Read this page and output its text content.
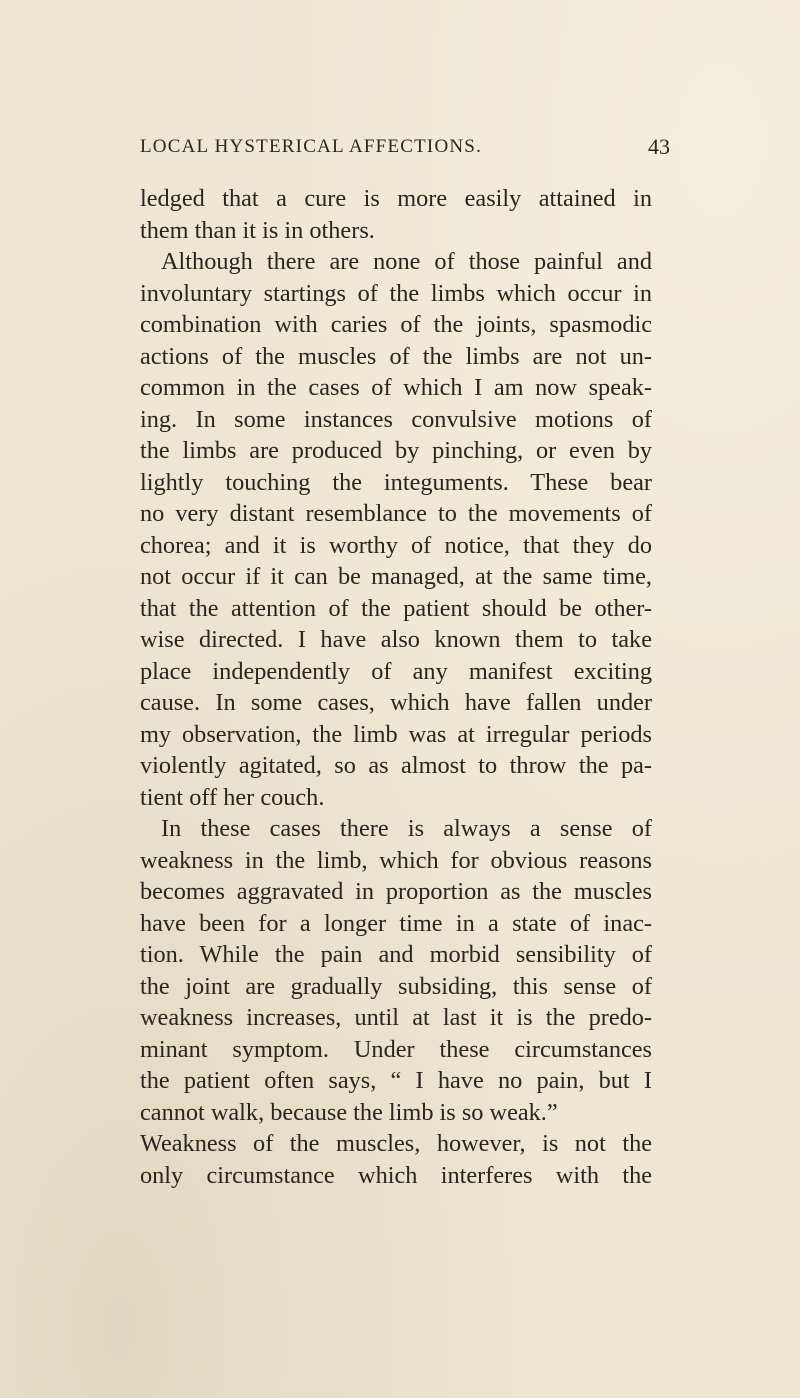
LOCAL HYSTERICAL AFFECTIONS.	43
ledged that a cure is more easily attained in
them than it is in others.
Although there are none of those painful and
involuntary startings of the limbs which occur in
combination with caries of the joints, spasmodic
actions of the muscles of the limbs are not un-
common in the cases of which I am now speak-
ing. In some instances convulsive motions of
the limbs are produced by pinching, or even by
lightly touching the integuments. These bear
no very distant resemblance to the movements of
chorea; and it is worthy of notice, that they do
not occur if it can be managed, at the same time,
that the attention of the patient should be other-
wise directed. I have also known them to take
place independently of any manifest exciting
cause. In some cases, which have fallen under
my observation, the limb was at irregular periods
violently agitated, so as almost to throw the pa-
tient off her couch.
In these cases there is always a sense of
weakness in the limb, which for obvious reasons
becomes aggravated in proportion as the muscles
have been for a longer time in a state of inac-
tion. While the pain and morbid sensibility of
the joint are gradually subsiding, this sense of
weakness increases, until at last it is the predo-
minant symptom. Under these circumstances
the patient often says, “ I have no pain, but I
cannot walk, because the limb is so weak.”
Weakness of the muscles, however, is not the
only circumstance which interferes with the
